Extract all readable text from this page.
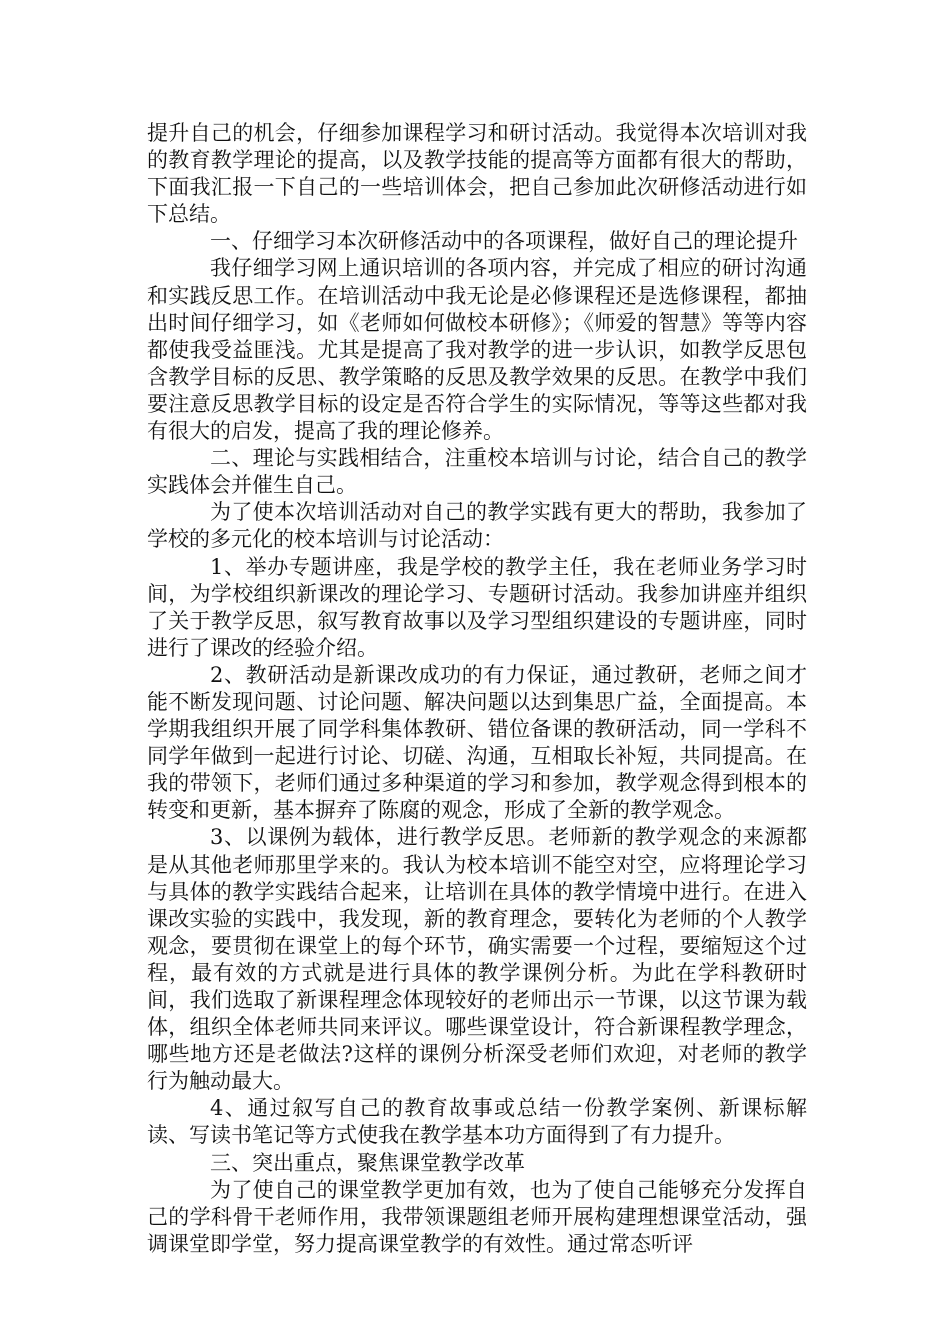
提升自己的机会，仔细参加课程学习和研讨活动。我觉得本次培训对我的教育教学理论的提高，以及教学技能的提高等方面都有很大的帮助，下面我汇报一下自己的一些培训体会，把自己参加此次研修活动进行如下总结。

一、仔细学习本次研修活动中的各项课程，做好自己的理论提升

我仔细学习网上通识培训的各项内容，并完成了相应的研讨沟通和实践反思工作。在培训活动中我无论是必修课程还是选修课程，都抽出时间仔细学习，如《老师如何做校本研修》；《师爱的智慧》等等内容都使我受益匪浅。尤其是提高了我对教学的进一步认识，如教学反思包含教学目标的反思、教学策略的反思及教学效果的反思。在教学中我们要注意反思教学目标的设定是否符合学生的实际情况，等等这些都对我有很大的启发，提高了我的理论修养。

二、理论与实践相结合，注重校本培训与讨论，结合自己的教学实践体会并催生自己。

为了使本次培训活动对自己的教学实践有更大的帮助，我参加了学校的多元化的校本培训与讨论活动：

1、举办专题讲座，我是学校的教学主任，我在老师业务学习时间，为学校组织新课改的理论学习、专题研讨活动。我参加讲座并组织了关于教学反思，叙写教育故事以及学习型组织建设的专题讲座，同时进行了课改的经验介绍。

2、教研活动是新课改成功的有力保证，通过教研，老师之间才能不断发现问题、讨论问题、解决问题以达到集思广益，全面提高。本学期我组织开展了同学科集体教研、错位备课的教研活动，同一学科不同学年做到一起进行讨论、切磋、沟通，互相取长补短，共同提高。在我的带领下，老师们通过多种渠道的学习和参加，教学观念得到根本的转变和更新，基本摒弃了陈腐的观念，形成了全新的教学观念。

3、以课例为载体，进行教学反思。老师新的教学观念的来源都是从其他老师那里学来的。我认为校本培训不能空对空，应将理论学习与具体的教学实践结合起来，让培训在具体的教学情境中进行。在进入课改实验的实践中，我发现，新的教育理念，要转化为老师的个人教学观念，要贯彻在课堂上的每个环节，确实需要一个过程，要缩短这个过程，最有效的方式就是进行具体的教学课例分析。为此在学科教研时间，我们选取了新课程理念体现较好的老师出示一节课，以这节课为载体，组织全体老师共同来评议。哪些课堂设计，符合新课程教学理念，哪些地方还是老做法?这样的课例分析深受老师们欢迎，对老师的教学行为触动最大。

4、通过叙写自己的教育故事或总结一份教学案例、新课标解读、写读书笔记等方式使我在教学基本功方面得到了有力提升。

三、突出重点，聚焦课堂教学改革

为了使自己的课堂教学更加有效，也为了使自己能够充分发挥自己的学科骨干老师作用，我带领课题组老师开展构建理想课堂活动，强调课堂即学堂，努力提高课堂教学的有效性。通过常态听评
